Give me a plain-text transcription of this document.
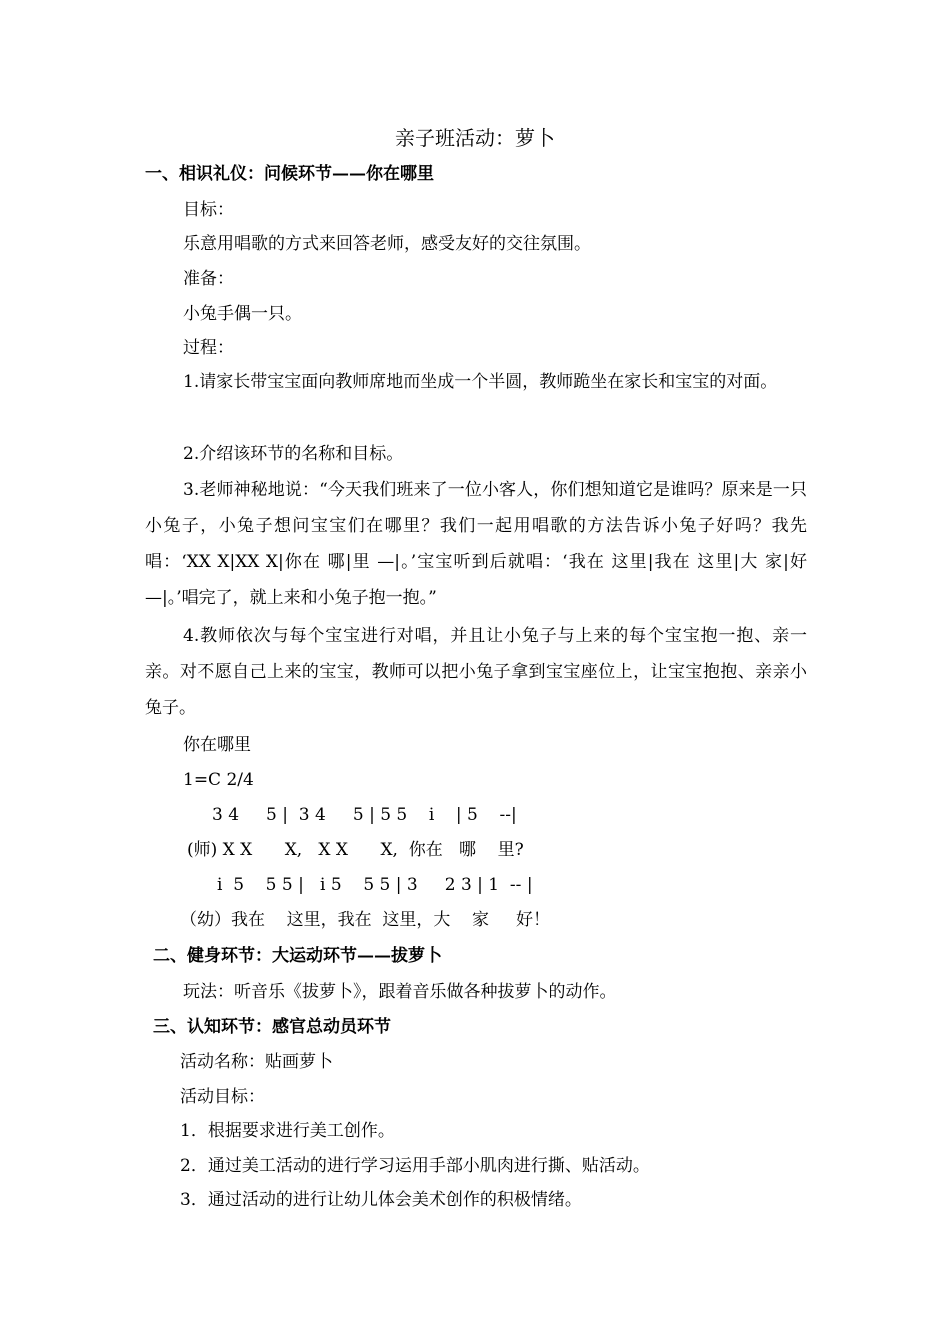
亲子班活动：萝卜
一、相识礼仪：问候环节——你在哪里
目标：
乐意用唱歌的方式来回答老师，感受友好的交往氛围。
准备：
小兔手偶一只。
过程：
1.请家长带宝宝面向教师席地而坐成一个半圆，教师跪坐在家长和宝宝的对面。
2.介绍该环节的名称和目标。
3.老师神秘地说：“今天我们班来了一位小客人，你们想知道它是谁吗？原来是一只小兔子，小兔子想问宝宝们在哪里？我们一起用唱歌的方法告诉小兔子好吗？我先唱：‘XX X|XX X|你在 哪|里 —|。’宝宝听到后就唱：‘我在 这里|我在 这里|大 家|好 —|。’唱完了，就上来和小兔子抱一抱。”
4.教师依次与每个宝宝进行对唱，并且让小兔子与上来的每个宝宝抱一抱、亲一亲。对不愿自己上来的宝宝，教师可以把小兔子拿到宝宝座位上，让宝宝抱抱、亲亲小兔子。
你在哪里
1=C 2/4
3 4     5 |  3 4     5 | 5 5    i    | 5    --|
(师) X X      X,   X X      X,  你在   哪    里?
i  5    5 5 |   i 5    5 5 | 3     2 3 | 1  -- |
（幼）我在    这里，我在  这里，大    家     好！
二、健身环节：大运动环节——拔萝卜
玩法：听音乐《拔萝卜》，跟着音乐做各种拔萝卜的动作。
三、认知环节：感官总动员环节
活动名称：贴画萝卜
活动目标：
1．根据要求进行美工创作。
2．通过美工活动的进行学习运用手部小肌肉进行撕、贴活动。
3．通过活动的进行让幼儿体会美术创作的积极情绪。
